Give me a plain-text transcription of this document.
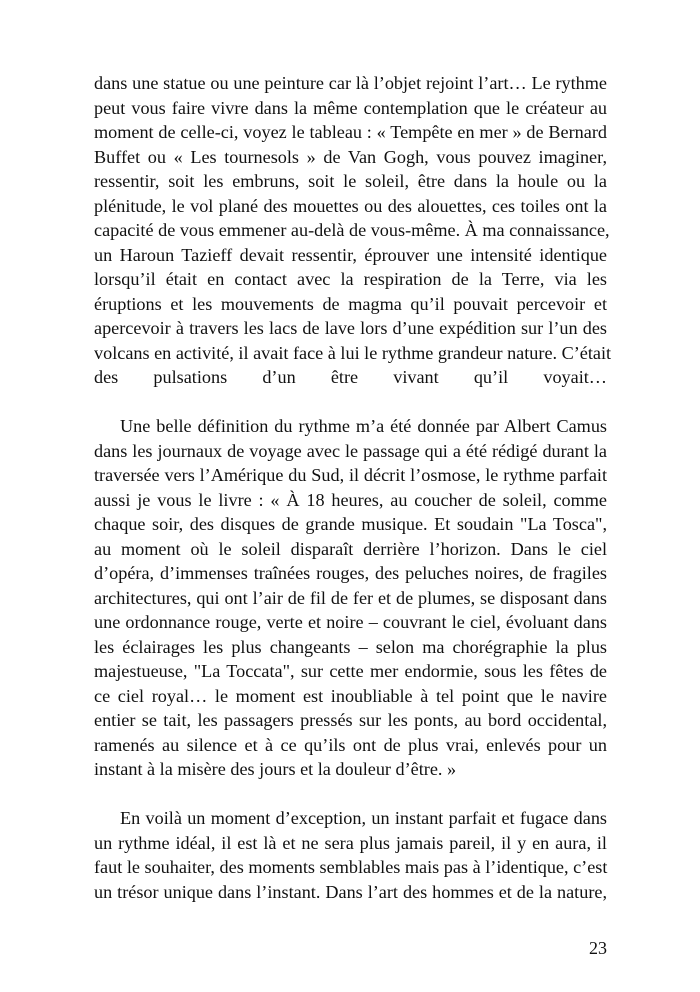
dans une statue ou une peinture car là l’objet rejoint l’art… Le rythme
peut vous faire vivre dans la même contemplation que le créateur au
moment de celle-ci, voyez le tableau : « Tempête en mer » de Bernard
Buffet ou « Les tournesols » de Van Gogh, vous pouvez imaginer,
ressentir, soit les embruns, soit le soleil, être dans la houle ou la
plénitude, le vol plané des mouettes ou des alouettes, ces toiles ont la
capacité de vous emmener au-delà de vous-même. À ma connaissance,
un Haroun Tazieff devait ressentir, éprouver une intensité identique
lorsqu’il était en contact avec la respiration de la Terre, via les
éruptions et les mouvements de magma qu’il pouvait percevoir et
apercevoir à travers les lacs de lave lors d’une expédition sur l’un des
volcans en activité, il avait face à lui le rythme grandeur nature. C’était
des pulsations d’un être vivant qu’il voyait…
Une belle définition du rythme m’a été donnée par Albert Camus
dans les journaux de voyage avec le passage qui a été rédigé durant la
traversée vers l’Amérique du Sud, il décrit l’osmose, le rythme parfait
aussi je vous le livre : « À 18 heures, au coucher de soleil, comme
chaque soir, des disques de grande musique. Et soudain "La Tosca",
au moment où le soleil disparaît derrière l’horizon. Dans le ciel
d’opéra, d’immenses traînées rouges, des peluches noires, de fragiles
architectures, qui ont l’air de fil de fer et de plumes, se disposant dans
une ordonnance rouge, verte et noire – couvrant le ciel, évoluant dans
les éclairages les plus changeants – selon ma chorégraphie la plus
majestueuse, "La Toccata", sur cette mer endormie, sous les fêtes de
ce ciel royal… le moment est inoubliable à tel point que le navire
entier se tait, les passagers pressés sur les ponts, au bord occidental,
ramenés au silence et à ce qu’ils ont de plus vrai, enlevés pour un
instant à la misère des jours et la douleur d’être. »
En voilà un moment d’exception, un instant parfait et fugace dans
un rythme idéal, il est là et ne sera plus jamais pareil, il y en aura, il
faut le souhaiter, des moments semblables mais pas à l’identique, c’est
un trésor unique dans l’instant. Dans l’art des hommes et de la nature,
23
